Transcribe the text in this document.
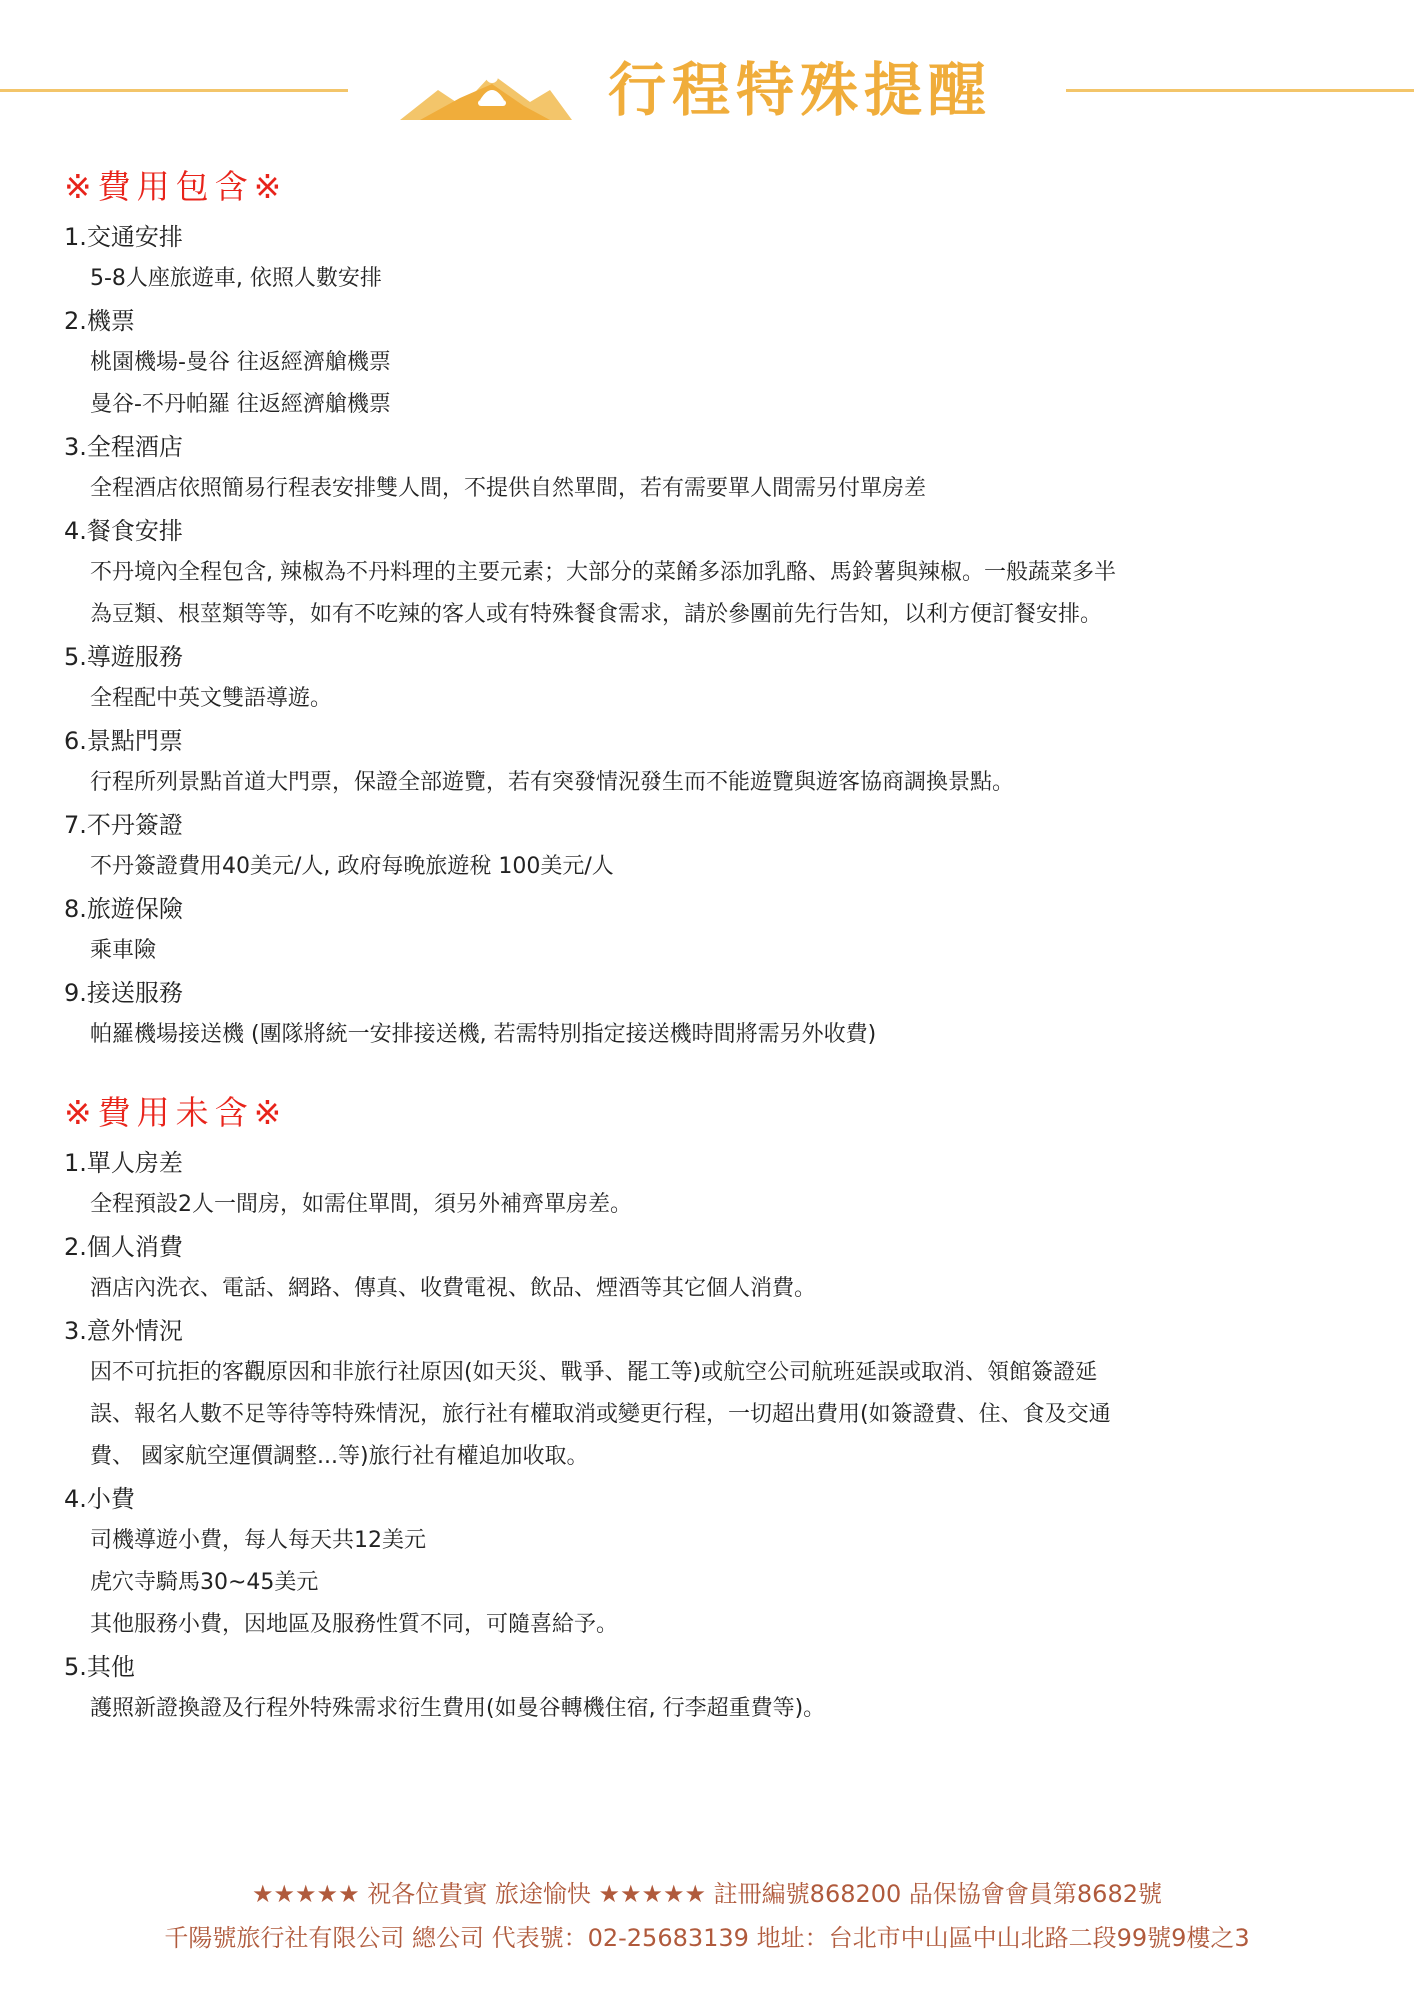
行程特殊提醒
※費用包含※
1.交通安排
5-8人座旅遊車, 依照人數安排
2.機票
桃園機場-曼谷 往返經濟艙機票
曼谷-不丹帕羅 往返經濟艙機票
3.全程酒店
全程酒店依照簡易行程表安排雙人間，不提供自然單間，若有需要單人間需另付單房差
4.餐食安排
不丹境內全程包含, 辣椒為不丹料理的主要元素；大部分的菜餚多添加乳酪、馬鈴薯與辣椒。一般蔬菜多半
為豆類、根莖類等等，如有不吃辣的客人或有特殊餐食需求，請於參團前先行告知，以利方便訂餐安排。
5.導遊服務
全程配中英文雙語導遊。
6.景點門票
行程所列景點首道大門票，保證全部遊覽，若有突發情況發生而不能遊覽與遊客協商調換景點。
7.不丹簽證
不丹簽證費用40美元/人, 政府每晚旅遊稅 100美元/人
8.旅遊保險
乘車險
9.接送服務
帕羅機場接送機 (團隊將統一安排接送機, 若需特別指定接送機時間將需另外收費)
※費用未含※
1.單人房差
全程預設2人一間房，如需住單間，須另外補齊單房差。
2.個人消費
酒店內洗衣、電話、網路、傳真、收費電視、飲品、煙酒等其它個人消費。
3.意外情況
因不可抗拒的客觀原因和非旅行社原因(如天災、戰爭、罷工等)或航空公司航班延誤或取消、領館簽證延
誤、報名人數不足等待等特殊情況，旅行社有權取消或變更行程，一切超出費用(如簽證費、住、食及交通
費、 國家航空運價調整...等)旅行社有權追加收取。
4.小費
司機導遊小費，每人每天共12美元
虎穴寺騎馬30~45美元
其他服務小費，因地區及服務性質不同，可隨喜給予。
5.其他
護照新證換證及行程外特殊需求衍生費用(如曼谷轉機住宿, 行李超重費等)。
★★★★★ 祝各位貴賓 旅途愉快 ★★★★★ 註冊編號868200 品保協會會員第8682號
千陽號旅行社有限公司 總公司 代表號：02-25683139 地址：台北市中山區中山北路二段99號9樓之3
